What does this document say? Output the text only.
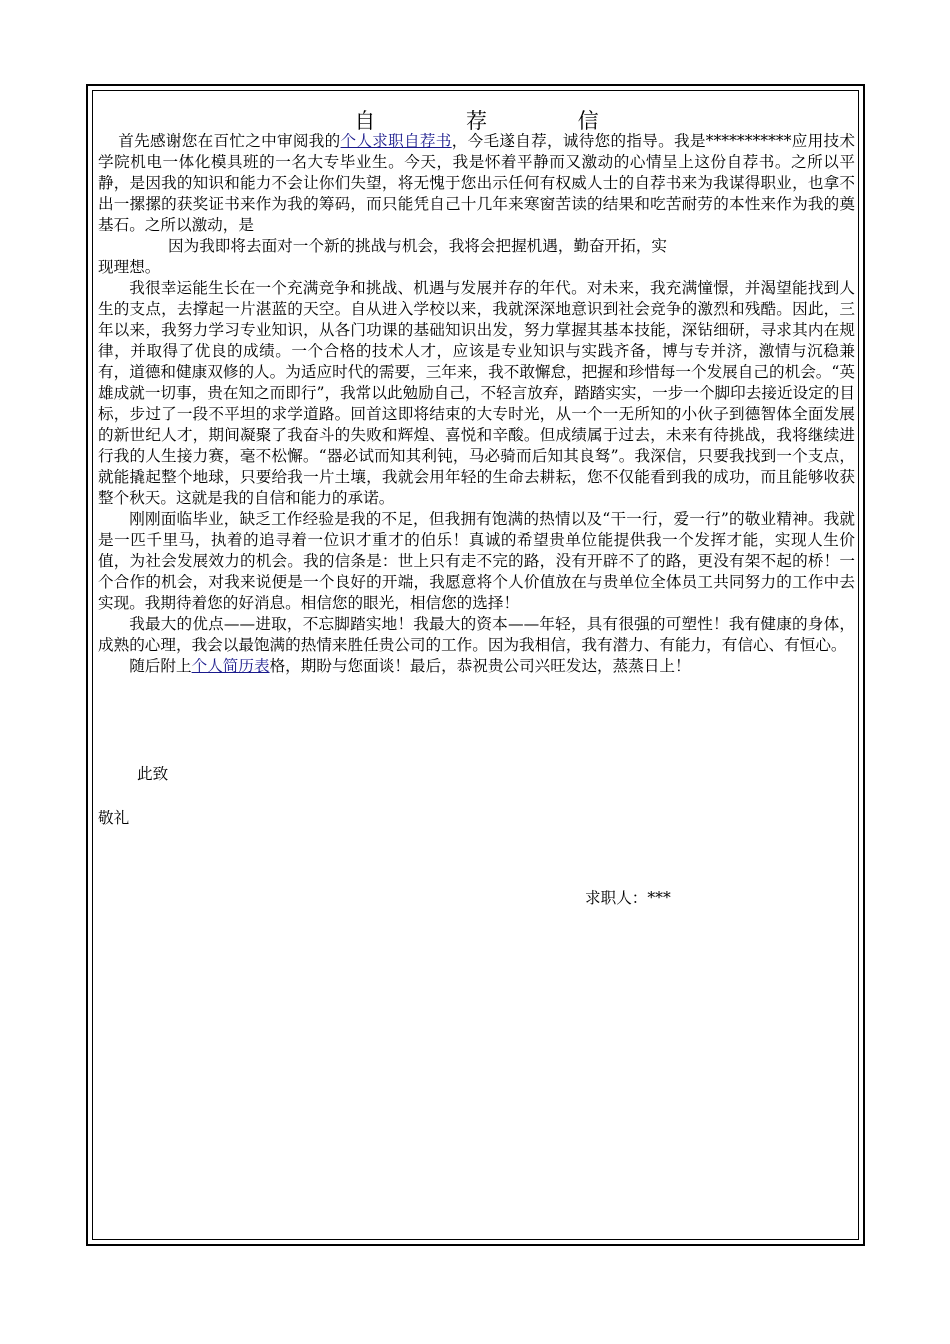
自 荐 信

首先感谢您在百忙之中审阅我的个人求职自荐书，今毛遂自荐，诚待您的指导。我是***********应用技术学院机电一体化模具班的一名大专毕业生。今天，我是怀着平静而又激动的心情呈上这份自荐书。之所以平静，是因我的知识和能力不会让你们失望，将无愧于您出示任何有权威人士的自荐书来为我谋得职业，也拿不出一摞摞的获奖证书来作为我的筹码，而只能凭自己十几年来寒窗苦读的结果和吃苦耐劳的本性来作为我的奠基石。之所以激动，是
因为我即将去面对一个新的挑战与机会，我将会把握机遇，勤奋开拓，实
现理想。

我很幸运能生长在一个充满竞争和挑战、机遇与发展并存的年代。对未来，我充满憧憬，并渴望能找到人生的支点，去撑起一片湛蓝的天空。自从进入学校以来，我就深深地意识到社会竞争的激烈和残酷。因此，三年以来，我努力学习专业知识，从各门功课的基础知识出发，努力掌握其基本技能，深钻细研，寻求其内在规律，并取得了优良的成绩。一个合格的技术人才，应该是专业知识与实践齐备，博与专并济，激情与沉稳兼有，道德和健康双修的人。为适应时代的需要，三年来，我不敢懈怠，把握和珍惜每一个发展自己的机会。“英雄成就一切事，贵在知之而即行”，我常以此勉励自己，不轻言放弃，踏踏实实，一步一个脚印去接近设定的目标，步过了一段不平坦的求学道路。回首这即将结束的大专时光，从一个一无所知的小伙子到德智体全面发展的新世纪人才，期间凝聚了我奋斗的失败和辉煌、喜悦和辛酸。但成绩属于过去，未来有待挑战，我将继续进行我的人生接力赛，毫不松懈。“器必试而知其利钝，马必骑而后知其良驽”。我深信，只要我找到一个支点，就能撬起整个地球，只要给我一片土壤，我就会用年轻的生命去耕耘，您不仅能看到我的成功，而且能够收获整个秋天。这就是我的自信和能力的承诺。

刚刚面临毕业，缺乏工作经验是我的不足，但我拥有饱满的热情以及“干一行，爱一行”的敬业精神。我就是一匹千里马，执着的追寻着一位识才重才的伯乐！真诚的希望贵单位能提供我一个发挥才能，实现人生价值，为社会发展效力的机会。我的信条是：世上只有走不完的路，没有开辟不了的路，更没有架不起的桥！一个合作的机会，对我来说便是一个良好的开端，我愿意将个人价值放在与贵单位全体员工共同努力的工作中去实现。我期待着您的好消息。相信您的眼光，相信您的选择！

我最大的优点——进取，不忘脚踏实地！我最大的资本——年轻，具有很强的可塑性！我有健康的身体，成熟的心理，我会以最饱满的热情来胜任贵公司的工作。因为我相信，我有潜力、有能力，有信心、有恒心。

随后附上个人简历表格，期盼与您面谈！最后，恭祝贵公司兴旺发达，蒸蒸日上！

此致
敬礼
求职人：***
